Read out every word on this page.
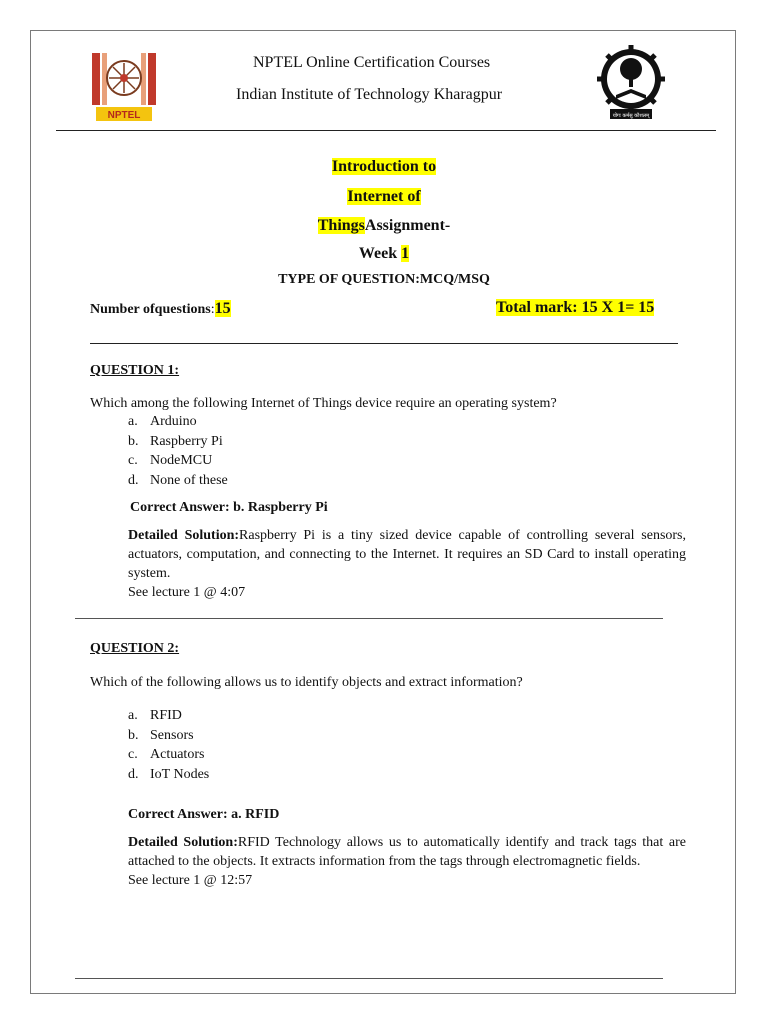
NPTEL	योगः कर्मसु कौशलम्
NPTEL Online Certification Courses
Indian Institute of Technology Kharagpur
Introduction to
Internet of
ThingsAssignment-
Week 1
TYPE OF QUESTION:MCQ/MSQ
Number ofquestions:15	Total mark: 15 X 1= 15
QUESTION 1:
Which among the following Internet of Things device require an operating system?
a. Arduino
b. Raspberry Pi
c. NodeMCU
d. None of these
Correct Answer: b. Raspberry Pi
Detailed Solution:Raspberry Pi is a tiny sized device capable of controlling several sensors, actuators, computation, and connecting to the Internet. It requires an SD Card to install operating system.
See lecture 1 @ 4:07
QUESTION 2:
Which of the following allows us to identify objects and extract information?
a. RFID
b. Sensors
c. Actuators
d. IoT Nodes
Correct Answer: a. RFID
Detailed Solution:RFID Technology allows us to automatically identify and track tags that are attached to the objects. It extracts information from the tags through electromagnetic fields.
See lecture 1 @ 12:57
